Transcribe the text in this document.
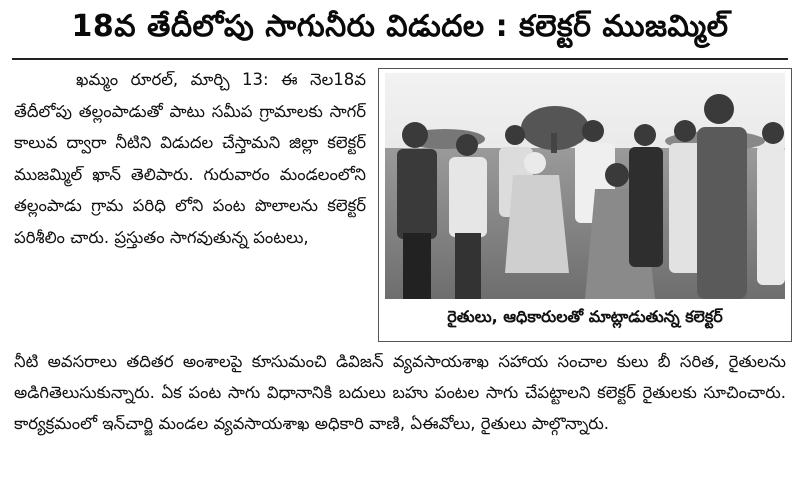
18వ తేదీలోపు సాగునీరు విడుదల : కలెక్టర్ ముజమ్మిల్

ఖమ్మం రూరల్, మార్చి 13: ఈ నెల18వ తేదీలోపు తల్లంపాడుతో పాటు సమీప గ్రామాలకు సాగర్ కాలువ ద్వారా నీటిని విడుదల చేస్తామని జిల్లా కలెక్టర్ ముజమ్మిల్ ఖాన్ తెలిపారు. గురువారం మండలంలోని తల్లంపాడు గ్రామ పరిధి లోని పంట పొలాలను కలెక్టర్ పరిశీలిం చారు. ప్రస్తుతం సాగవుతున్న పంటలు,

రైతులు, ఆధికారులతో మాట్లాడుతున్న కలెక్టర్

నీటి అవసరాలు తదితర అంశాలపై కూసుమంచి డివిజన్ వ్యవసాయశాఖ సహాయ సంచాల కులు బీ సరిత, రైతులను అడిగితెలుసుకున్నారు. ఏక పంట సాగు విధానానికి బదులు బహు పంటల సాగు చేపట్టాలని కలెక్టర్ రైతులకు సూచించారు. కార్యక్రమంలో ఇన్‌చార్జి మండల వ్యవసాయశాఖ అధికారి వాణి, ఏఈవోలు, రైతులు పాల్గొన్నారు.
